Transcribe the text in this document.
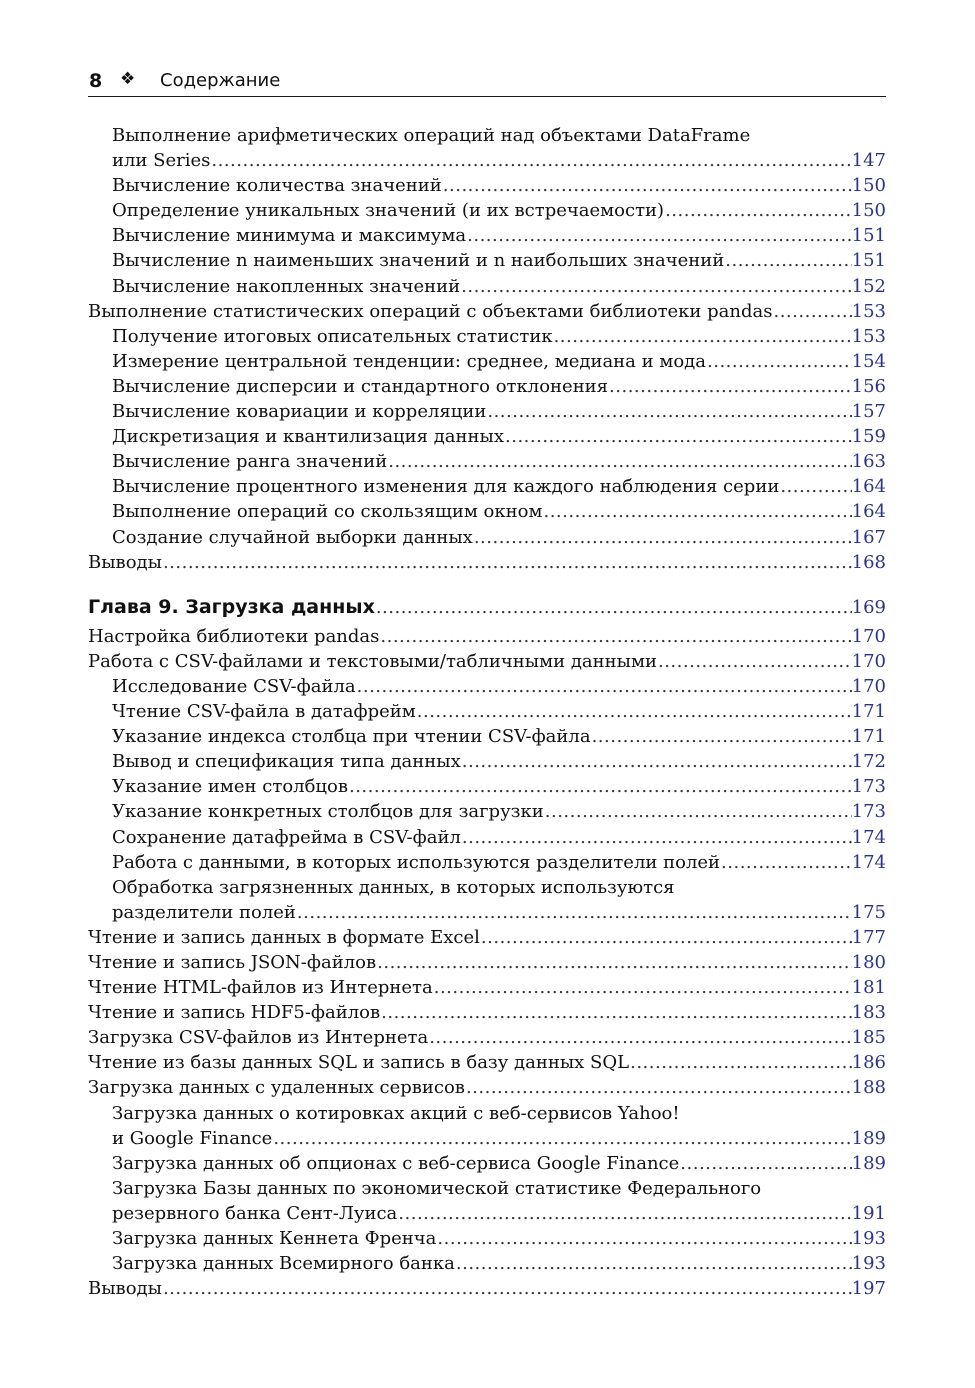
8 ❖ Содержание
Выполнение арифметических операций над объектами DataFrame
или Series .....	147
Вычисление количества значений .....	150
Определение уникальных значений (и их встречаемости) .....	150
Вычисление минимума и максимума .....	151
Вычисление n наименьших значений и n наибольших значений .....	151
Вычисление накопленных значений .....	152
Выполнение статистических операций с объектами библиотеки pandas .....	153
Получение итоговых описательных статистик .....	153
Измерение центральной тенденции: среднее, медиана и мода .....	154
Вычисление дисперсии и стандартного отклонения .....	156
Вычисление ковариации и корреляции .....	157
Дискретизация и квантилизация данных .....	159
Вычисление ранга значений .....	163
Вычисление процентного изменения для каждого наблюдения серии .....	164
Выполнение операций со скользящим окном .....	164
Создание случайной выборки данных .....	167
Выводы .....	168
Глава 9. Загрузка данных .....	169
Настройка библиотеки pandas .....	170
Работа с CSV-файлами и текстовыми/табличными данными .....	170
Исследование CSV-файла .....	170
Чтение CSV-файла в датафрейм .....	171
Указание индекса столбца при чтении CSV-файла .....	171
Вывод и спецификация типа данных .....	172
Указание имен столбцов .....	173
Указание конкретных столбцов для загрузки .....	173
Сохранение датафрейма в CSV-файл .....	174
Работа с данными, в которых используются разделители полей .....	174
Обработка загрязненных данных, в которых используются
разделители полей .....	175
Чтение и запись данных в формате Excel .....	177
Чтение и запись JSON-файлов .....	180
Чтение HTML-файлов из Интернета .....	181
Чтение и запись HDF5-файлов .....	183
Загрузка CSV-файлов из Интернета .....	185
Чтение из базы данных SQL и запись в базу данных SQL .....	186
Загрузка данных с удаленных сервисов .....	188
Загрузка данных о котировках акций с веб-сервисов Yahoo!
и Google Finance .....	189
Загрузка данных об опционах с веб-сервиса Google Finance .....	189
Загрузка Базы данных по экономической статистике Федерального
резервного банка Сент-Луиса .....	191
Загрузка данных Кеннета Френча .....	193
Загрузка данных Всемирного банка .....	193
Выводы .....	197
